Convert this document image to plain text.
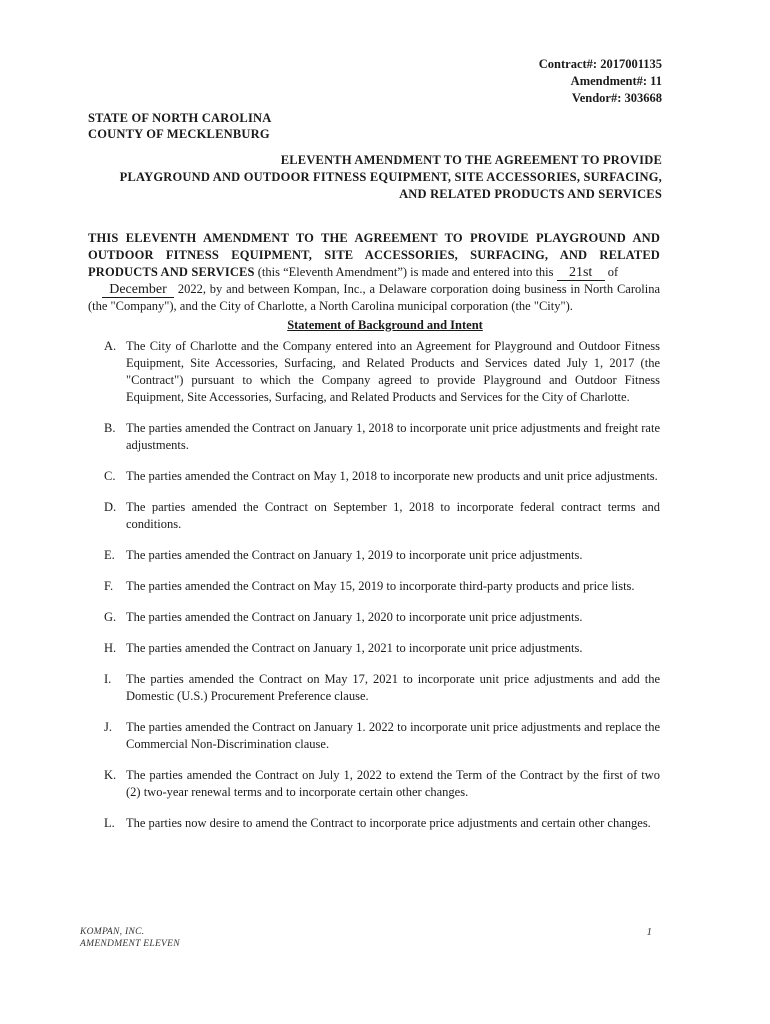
Contract#: 2017001135
Amendment#: 11
Vendor#: 303668
STATE OF NORTH CAROLINA
COUNTY OF MECKLENBURG
ELEVENTH AMENDMENT TO THE AGREEMENT TO PROVIDE
PLAYGROUND AND OUTDOOR FITNESS EQUIPMENT, SITE ACCESSORIES, SURFACING,
AND RELATED PRODUCTS AND SERVICES
THIS ELEVENTH AMENDMENT TO THE AGREEMENT TO PROVIDE PLAYGROUND AND OUTDOOR FITNESS EQUIPMENT, SITE ACCESSORIES, SURFACING, AND RELATED PRODUCTS AND SERVICES (this “Eleventh Amendment”) is made and entered into this 21st of
December 2022, by and between Kompan, Inc., a Delaware corporation doing business in North Carolina (the "Company"), and the City of Charlotte, a North Carolina municipal corporation (the "City").
Statement of Background and Intent
A. The City of Charlotte and the Company entered into an Agreement for Playground and Outdoor Fitness Equipment, Site Accessories, Surfacing, and Related Products and Services dated July 1, 2017 (the "Contract") pursuant to which the Company agreed to provide Playground and Outdoor Fitness Equipment, Site Accessories, Surfacing, and Related Products and Services for the City of Charlotte.
B. The parties amended the Contract on January 1, 2018 to incorporate unit price adjustments and freight rate adjustments.
C. The parties amended the Contract on May 1, 2018 to incorporate new products and unit price adjustments.
D. The parties amended the Contract on September 1, 2018 to incorporate federal contract terms and conditions.
E. The parties amended the Contract on January 1, 2019 to incorporate unit price adjustments.
F.	The parties amended the Contract on May 15, 2019 to incorporate third-party products and price lists.
G. The parties amended the Contract on January 1, 2020 to incorporate unit price adjustments.
H. The parties amended the Contract on January 1, 2021 to incorporate unit price adjustments.
I.	The parties amended the Contract on May 17, 2021 to incorporate unit price adjustments and add the Domestic (U.S.) Procurement Preference clause.
J.	The parties amended the Contract on January 1. 2022 to incorporate unit price adjustments and replace the Commercial Non-Discrimination clause.
K. The parties amended the Contract on July 1, 2022 to extend the Term of the Contract by the first of two (2) two-year renewal terms and to incorporate certain other changes.
L. The parties now desire to amend the Contract to incorporate price adjustments and certain other changes.
KOMPAN, INC.
AMENDMENT ELEVEN
1
